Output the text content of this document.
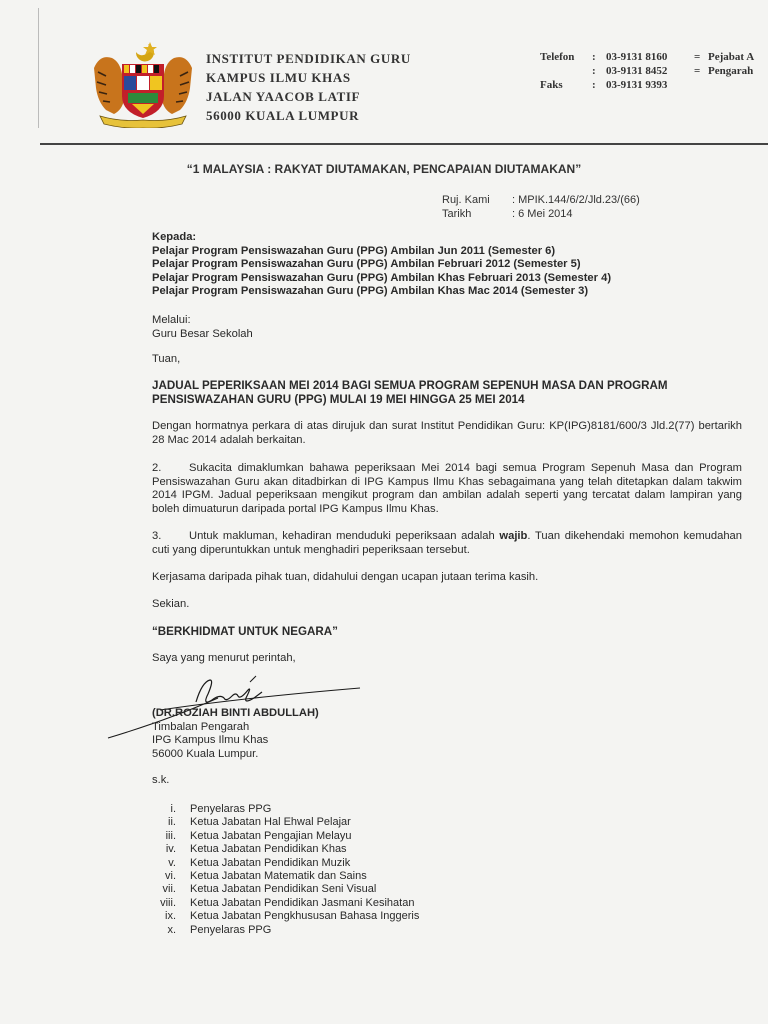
INSTITUT PENDIDIKAN GURU
KAMPUS ILMU KHAS
JALAN YAACOB LATIF
56000 KUALA LUMPUR
Telefon : 03-9131 8160 = Pejabat A
: 03-9131 8452 = Pengarah
Faks	: 03-9131 9393
“1 MALAYSIA : RAKYAT DIUTAMAKAN, PENCAPAIAN DIUTAMAKAN”
Ruj. Kami : MPIK.144/6/2/Jld.23/(66)
Tarikh	: 6 Mei 2014
Kepada:
Pelajar Program Pensiswazahan Guru (PPG) Ambilan Jun 2011 (Semester 6)
Pelajar Program Pensiswazahan Guru (PPG) Ambilan Februari 2012 (Semester 5)
Pelajar Program Pensiswazahan Guru (PPG) Ambilan Khas Februari 2013 (Semester 4)
Pelajar Program Pensiswazahan Guru (PPG) Ambilan Khas Mac 2014 (Semester 3)
Melalui:
Guru Besar Sekolah
Tuan,
JADUAL PEPERIKSAAN MEI 2014 BAGI SEMUA PROGRAM SEPENUH MASA DAN PROGRAM PENSISWAZAHAN GURU (PPG) MULAI 19 MEI HINGGA 25 MEI 2014
Dengan hormatnya perkara di atas dirujuk dan surat Institut Pendidikan Guru: KP(IPG)8181/600/3 Jld.2(77) bertarikh 28 Mac 2014 adalah berkaitan.
2. Sukacita dimaklumkan bahawa peperiksaan Mei 2014 bagi semua Program Sepenuh Masa dan Program Pensiswazahan Guru akan ditadbirkan di IPG Kampus Ilmu Khas sebagaimana yang telah ditetapkan dalam takwim 2014 IPGM. Jadual peperiksaan mengikut program dan ambilan adalah seperti yang tercatat dalam lampiran yang boleh dimuaturun daripada portal IPG Kampus Ilmu Khas.
3. Untuk makluman, kehadiran menduduki peperiksaan adalah wajib. Tuan dikehendaki memohon kemudahan cuti yang diperuntukkan untuk menghadiri peperiksaan tersebut.
Kerjasama daripada pihak tuan, didahului dengan ucapan jutaan terima kasih.
Sekian.
“BERKHIDMAT UNTUK NEGARA”
Saya yang menurut perintah,
(DR.ROZIAH BINTI ABDULLAH)
Timbalan Pengarah
IPG Kampus Ilmu Khas
56000 Kuala Lumpur.
s.k.
i. Penyelaras PPG
ii. Ketua Jabatan Hal Ehwal Pelajar
iii. Ketua Jabatan Pengajian Melayu
iv. Ketua Jabatan Pendidikan Khas
v. Ketua Jabatan Pendidikan Muzik
vi. Ketua Jabatan Matematik dan Sains
vii. Ketua Jabatan Pendidikan Seni Visual
viii. Ketua Jabatan Pendidikan Jasmani Kesihatan
ix. Ketua Jabatan Pengkhususan Bahasa Inggeris
x. Penyelaras PPG
